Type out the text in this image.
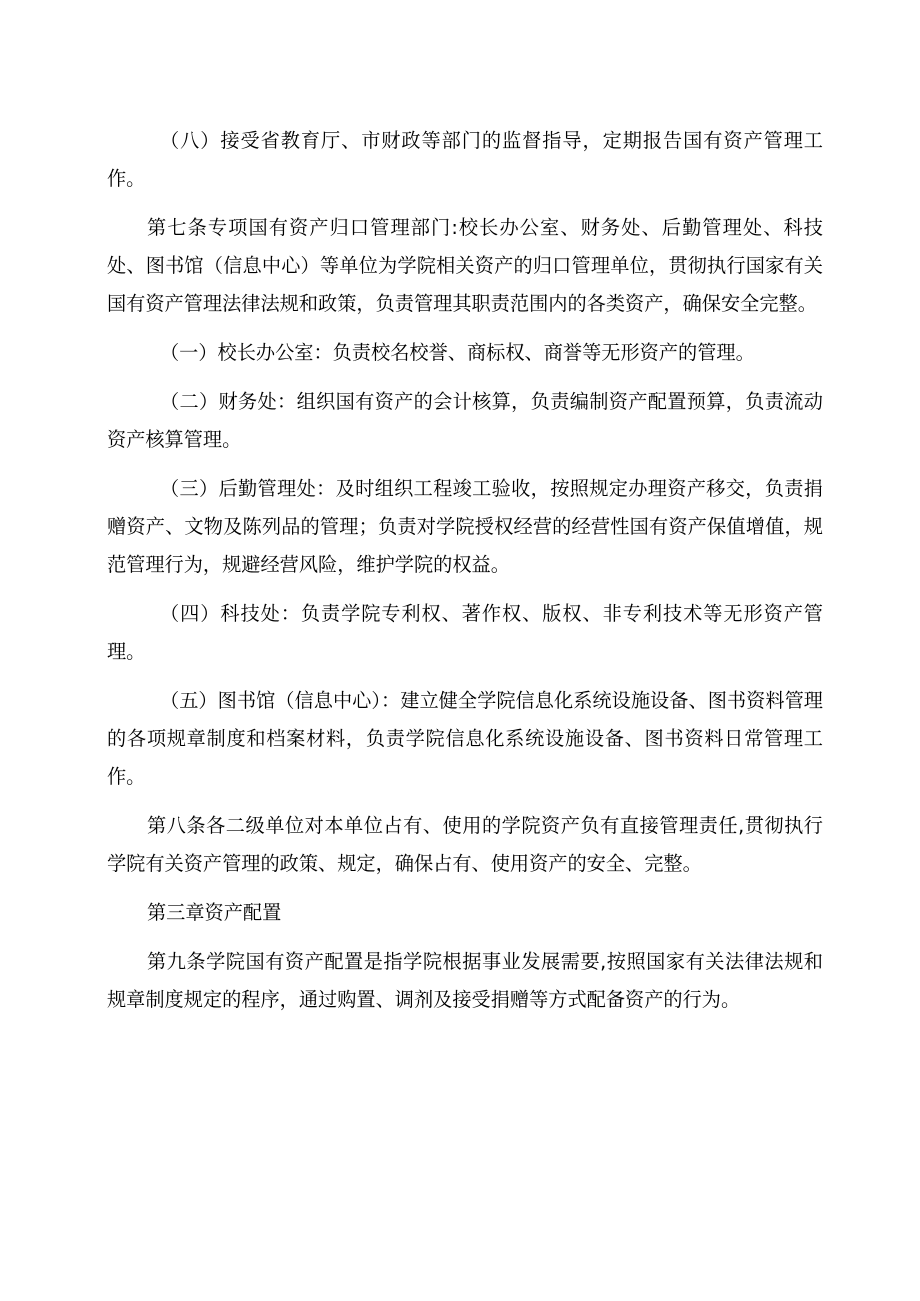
（八）接受省教育厅、市财政等部门的监督指导，定期报告国有资产管理工作。

第七条专项国有资产归口管理部门:校长办公室、财务处、后勤管理处、科技处、图书馆（信息中心）等单位为学院相关资产的归口管理单位，贯彻执行国家有关国有资产管理法律法规和政策，负责管理其职责范围内的各类资产，确保安全完整。

（一）校长办公室：负责校名校誉、商标权、商誉等无形资产的管理。

（二）财务处：组织国有资产的会计核算，负责编制资产配置预算，负责流动资产核算管理。

（三）后勤管理处：及时组织工程竣工验收，按照规定办理资产移交，负责捐赠资产、文物及陈列品的管理；负责对学院授权经营的经营性国有资产保值增值，规范管理行为，规避经营风险，维护学院的权益。

（四）科技处：负责学院专利权、著作权、版权、非专利技术等无形资产管理。

（五）图书馆（信息中心）：建立健全学院信息化系统设施设备、图书资料管理的各项规章制度和档案材料，负责学院信息化系统设施设备、图书资料日常管理工作。

第八条各二级单位对本单位占有、使用的学院资产负有直接管理责任,贯彻执行学院有关资产管理的政策、规定，确保占有、使用资产的安全、完整。

第三章资产配置

第九条学院国有资产配置是指学院根据事业发展需要,按照国家有关法律法规和规章制度规定的程序，通过购置、调剂及接受捐赠等方式配备资产的行为。
